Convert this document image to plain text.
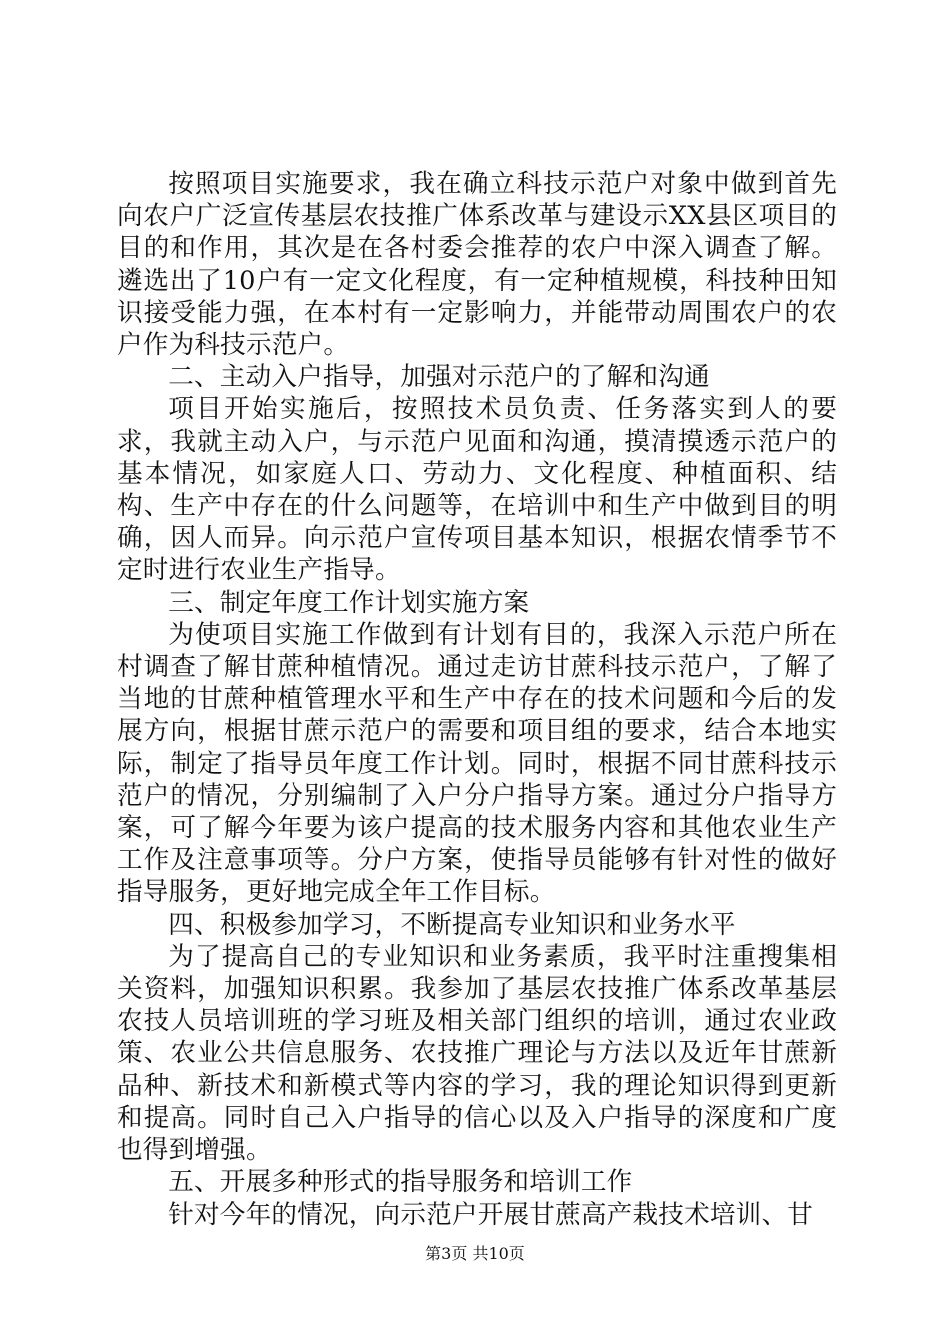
按照项目实施要求，我在确立科技示范户对象中做到首先向农户广泛宣传基层农技推广体系改革与建设示XX县区项目的目的和作用，其次是在各村委会推荐的农户中深入调查了解。遴选出了10户有一定文化程度，有一定种植规模，科技种田知识接受能力强，在本村有一定影响力，并能带动周围农户的农户作为科技示范户。

二、主动入户指导，加强对示范户的了解和沟通

项目开始实施后，按照技术员负责、任务落实到人的要求，我就主动入户，与示范户见面和沟通，摸清摸透示范户的基本情况，如家庭人口、劳动力、文化程度、种植面积、结构、生产中存在的什么问题等，在培训中和生产中做到目的明确，因人而异。向示范户宣传项目基本知识，根据农情季节不定时进行农业生产指导。

三、制定年度工作计划实施方案

为使项目实施工作做到有计划有目的，我深入示范户所在村调查了解甘蔗种植情况。通过走访甘蔗科技示范户，了解了当地的甘蔗种植管理水平和生产中存在的技术问题和今后的发展方向，根据甘蔗示范户的需要和项目组的要求，结合本地实际，制定了指导员年度工作计划。同时，根据不同甘蔗科技示范户的情况，分别编制了入户分户指导方案。通过分户指导方案，可了解今年要为该户提高的技术服务内容和其他农业生产工作及注意事项等。分户方案，使指导员能够有针对性的做好指导服务，更好地完成全年工作目标。

四、积极参加学习，不断提高专业知识和业务水平

为了提高自己的专业知识和业务素质，我平时注重搜集相关资料，加强知识积累。我参加了基层农技推广体系改革基层农技人员培训班的学习班及相关部门组织的培训，通过农业政策、农业公共信息服务、农技推广理论与方法以及近年甘蔗新品种、新技术和新模式等内容的学习，我的理论知识得到更新和提高。同时自己入户指导的信心以及入户指导的深度和广度也得到增强。

五、开展多种形式的指导服务和培训工作

针对今年的情况，向示范户开展甘蔗高产栽技术培训、甘

第3页 共10页
